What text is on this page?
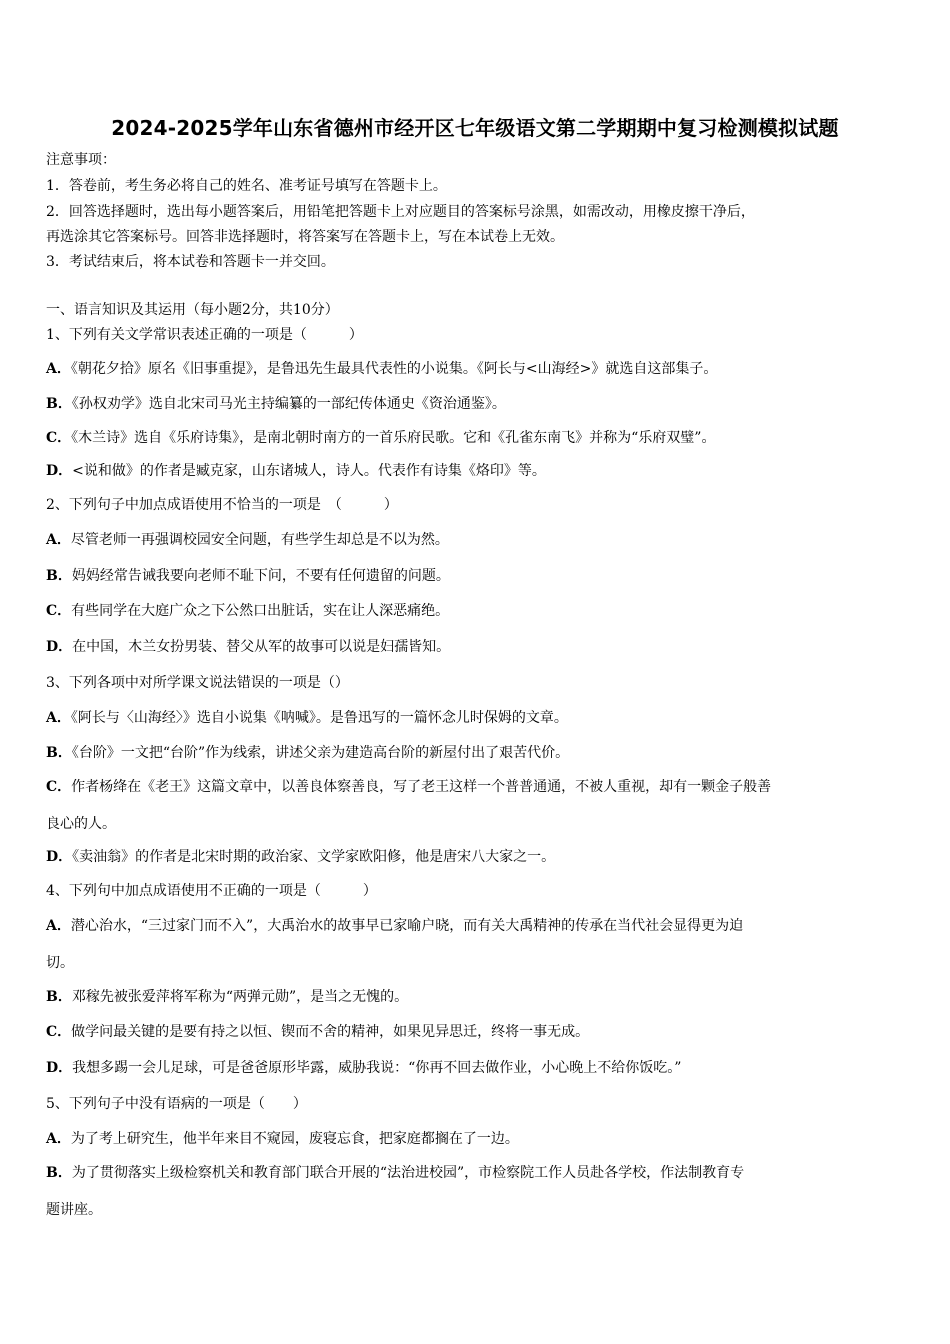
2024-2025学年山东省德州市经开区七年级语文第二学期期中复习检测模拟试题
注意事项：
1．答卷前，考生务必将自己的姓名、准考证号填写在答题卡上。
2．回答选择题时，选出每小题答案后，用铅笔把答题卡上对应题目的答案标号涂黑，如需改动，用橡皮擦干净后，
再选涂其它答案标号。回答非选择题时，将答案写在答题卡上，写在本试卷上无效。
3．考试结束后，将本试卷和答题卡一并交回。
一、语言知识及其运用（每小题2分，共10分）
1、下列有关文学常识表述正确的一项是（　　　）
A．《朝花夕拾》原名《旧事重提》，是鲁迅先生最具代表性的小说集。《阿长与<山海经>》就选自这部集子。
B．《孙权劝学》选自北宋司马光主持编纂的一部纪传体通史《资治通鉴》。
C．《木兰诗》选自《乐府诗集》，是南北朝时南方的一首乐府民歌。它和《孔雀东南飞》并称为“乐府双璧”。
D．<说和做》的作者是臧克家，山东诸城人，诗人。代表作有诗集《烙印》等。
2、下列句子中加点成语使用不恰当的一项是　（　　　）
A．尽管老师一再强调校园安全问题，有些学生却总是不以为然。
B．妈妈经常告诫我要向老师不耻下问，不要有任何遗留的问题。
C．有些同学在大庭广众之下公然口出脏话，实在让人深恶痛绝。
D．在中国，木兰女扮男装、替父从军的故事可以说是妇孺皆知。
3、下列各项中对所学课文说法错误的一项是（）
A．《阿长与〈山海经〉》选自小说集《呐喊》。是鲁迅写的一篇怀念儿时保姆的文章。
B．《台阶》一文把“台阶”作为线索，讲述父亲为建造高台阶的新屋付出了艰苦代价。
C．作者杨绛在《老王》这篇文章中，以善良体察善良，写了老王这样一个普普通通，不被人重视，却有一颗金子般善
良心的人。
D．《卖油翁》的作者是北宋时期的政治家、文学家欧阳修，他是唐宋八大家之一。
4、下列句中加点成语使用不正确的一项是（　　　）
A．潜心治水，“三过家门而不入”，大禹治水的故事早已家喻户晓，而有关大禹精神的传承在当代社会显得更为迫
切。
B．邓稼先被张爱萍将军称为“两弹元勋”，是当之无愧的。
C．做学问最关键的是要有持之以恒、锲而不舍的精神，如果见异思迁，终将一事无成。
D．我想多踢一会儿足球，可是爸爸原形毕露，威胁我说：“你再不回去做作业，小心晚上不给你饭吃。”
5、下列句子中没有语病的一项是（　　）
A．为了考上研究生，他半年来目不窥园，废寝忘食，把家庭都搁在了一边。
B．为了贯彻落实上级检察机关和教育部门联合开展的“法治进校园”，市检察院工作人员赴各学校，作法制教育专
题讲座。
